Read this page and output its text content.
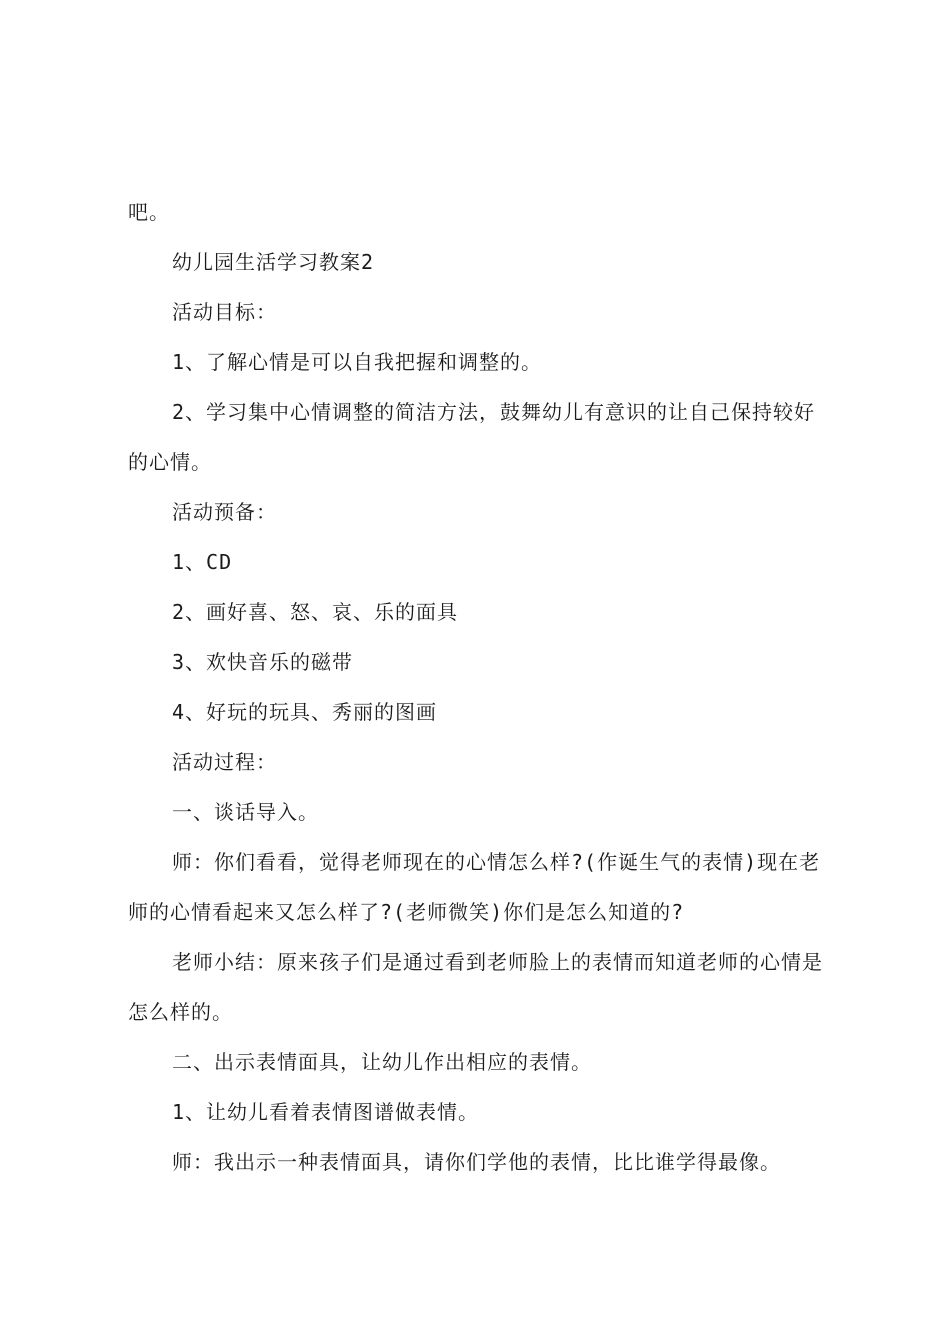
吧。

幼儿园生活学习教案2

活动目标：

1、了解心情是可以自我把握和调整的。

2、学习集中心情调整的简洁方法，鼓舞幼儿有意识的让自己保持较好的心情。

活动预备：

1、CD

2、画好喜、怒、哀、乐的面具

3、欢快音乐的磁带

4、好玩的玩具、秀丽的图画

活动过程：

一、谈话导入。

师：你们看看，觉得老师现在的心情怎么样?(作诞生气的表情)现在老师的心情看起来又怎么样了?(老师微笑)你们是怎么知道的?

老师小结：原来孩子们是通过看到老师脸上的表情而知道老师的心情是怎么样的。

二、出示表情面具，让幼儿作出相应的表情。

1、让幼儿看着表情图谱做表情。

师：我出示一种表情面具，请你们学他的表情，比比谁学得最像。
